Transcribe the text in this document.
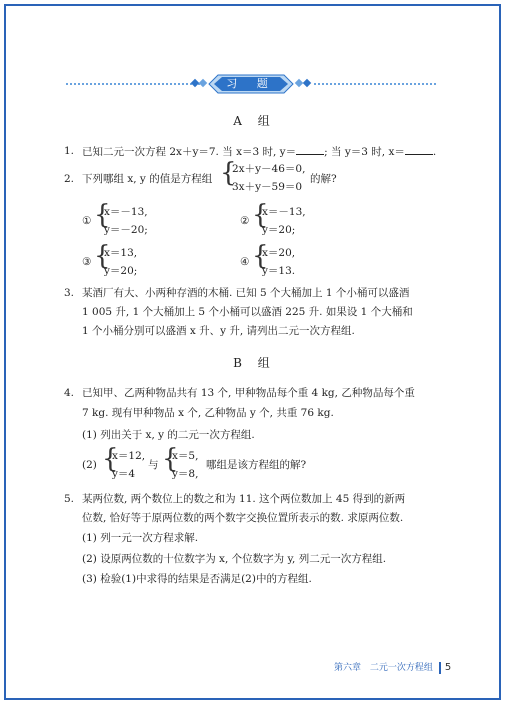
习 题
A 组
1. 已知二元一次方程 2x＋y＝7. 当 x＝3 时, y＝	; 当 y＝3 时, x＝	.
2. 下列哪组 x, y 的值是方程组 {
2x＋y－46＝0,
3x＋y－59＝0
的解?
① {
x＝－13,
y＝－20;
② {
x＝－13,
y＝20;
③ {
x＝13,
y＝20;
④ {
x＝20,
y＝13.
3. 某酒厂有大、小两种存酒的木桶. 已知 5 个大桶加上 1 个小桶可以盛酒
1 005 升, 1 个大桶加上 5 个小桶可以盛酒 225 升. 如果设 1 个大桶和
1 个小桶分别可以盛酒 x 升、y 升, 请列出二元一次方程组.
B 组
4. 已知甲、乙两种物品共有 13 个, 甲种物品每个重 4 kg, 乙种物品每个重
7 kg. 现有甲种物品 x 个, 乙种物品 y 个, 共重 76 kg.
(1) 列出关于 x, y 的二元一次方程组.
(2) {
x＝12,
y＝4
与 {
x＝5,
y＝8,
哪组是该方程组的解?
5. 某两位数, 两个数位上的数之和为 11. 这个两位数加上 45 得到的新两
位数, 恰好等于原两位数的两个数字交换位置所表示的数. 求原两位数.
(1) 列一元一次方程求解.
(2) 设原两位数的十位数字为 x, 个位数字为 y, 列二元一次方程组.
(3) 检验(1)中求得的结果是否满足(2)中的方程组.
第六章 二元一次方程组 5
